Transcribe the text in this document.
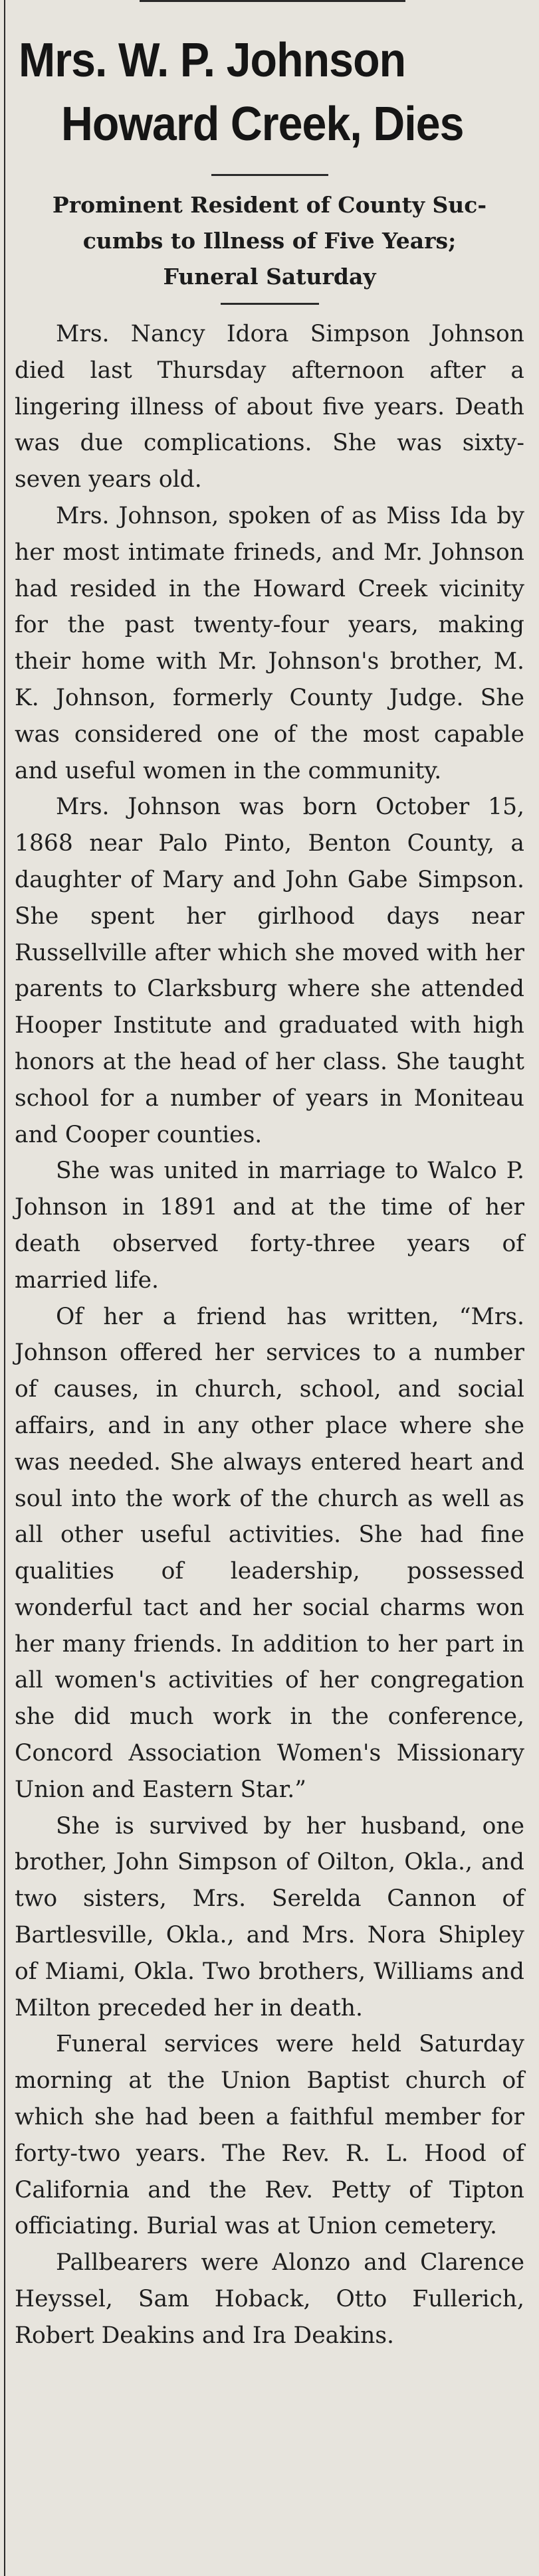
Mrs. W. P. Johnson
Howard Creek, Dies
Prominent Resident of County Suc-
cumbs to Illness of Five Years;
Funeral Saturday

Mrs. Nancy Idora Simpson Johnson died last Thursday afternoon after a lingering illness of about five years. Death was due complications. She was sixty-seven years old.

Mrs. Johnson, spoken of as Miss Ida by her most intimate frineds, and Mr. Johnson had resided in the Howard Creek vicinity for the past twenty-four years, making their home with Mr. Johnson's brother, M. K. Johnson, formerly County Judge. She was considered one of the most capable and useful women in the community.

Mrs. Johnson was born October 15, 1868 near Palo Pinto, Benton County, a daughter of Mary and John Gabe Simpson. She spent her girlhood days near Russellville after which she moved with her parents to Clarksburg where she attended Hooper Institute and graduated with high honors at the head of her class. She taught school for a number of years in Moniteau and Cooper counties.

She was united in marriage to Walco P. Johnson in 1891 and at the time of her death observed forty-three years of married life.

Of her a friend has written, “Mrs. Johnson offered her services to a number of causes, in church, school, and social affairs, and in any other place where she was needed. She always entered heart and soul into the work of the church as well as all other useful activities. She had fine qualities of leadership, possessed wonderful tact and her social charms won her many friends. In addition to her part in all women's activities of her congregation she did much work in the conference, Concord Association Women's Missionary Union and Eastern Star.”

She is survived by her husband, one brother, John Simpson of Oilton, Okla., and two sisters, Mrs. Serelda Cannon of Bartlesville, Okla., and Mrs. Nora Shipley of Miami, Okla. Two brothers, Williams and Milton preceded her in death.

Funeral services were held Saturday morning at the Union Baptist church of which she had been a faithful member for forty-two years. The Rev. R. L. Hood of California and the Rev. Petty of Tipton officiating. Burial was at Union cemetery.

Pallbearers were Alonzo and Clarence Heyssel, Sam Hoback, Otto Fullerich, Robert Deakins and Ira Deakins.
